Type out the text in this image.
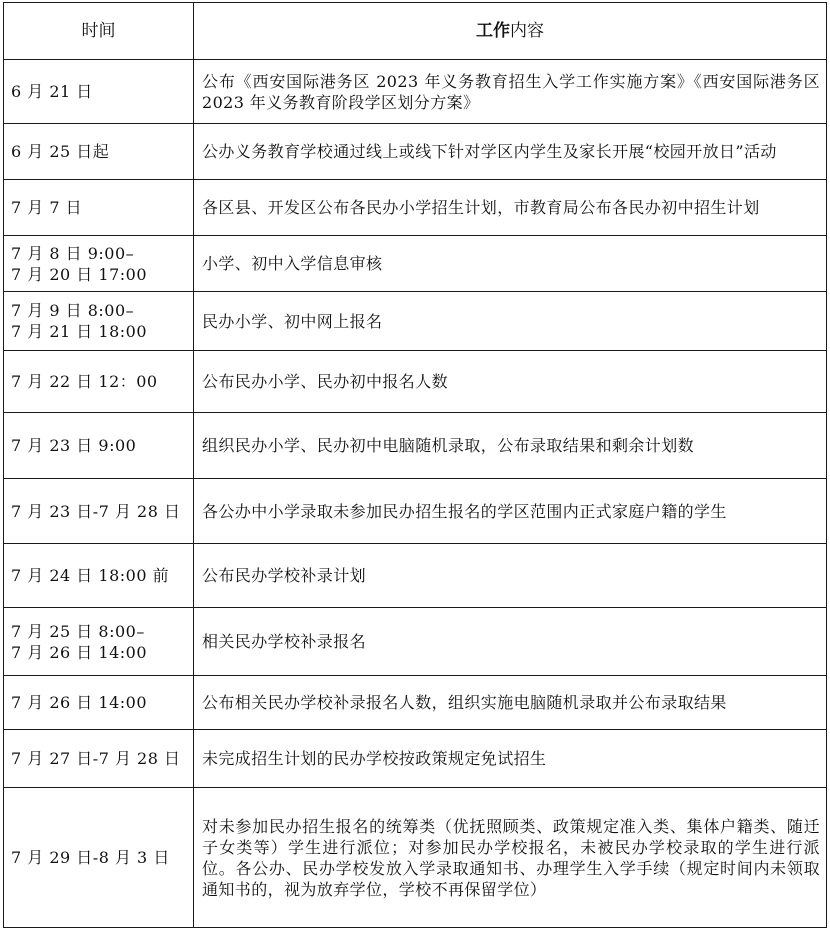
时间	工作内容
6 月 21 日	公布《西安国际港务区 2023 年义务教育招生入学工作实施方案》《西安国际港务区 2023 年义务教育阶段学区划分方案》
6 月 25 日起	公办义务教育学校通过线上或线下针对学区内学生及家长开展“校园开放日”活动
7 月 7 日	各区县、开发区公布各民办小学招生计划，市教育局公布各民办初中招生计划
7 月 8 日 9:00–
7 月 20 日 17:00	小学、初中入学信息审核
7 月 9 日 8:00–
7 月 21 日 18:00	民办小学、初中网上报名
7 月 22 日 12：00	公布民办小学、民办初中报名人数
7 月 23 日 9:00	组织民办小学、民办初中电脑随机录取，公布录取结果和剩余计划数
7 月 23 日-7 月 28 日	各公办中小学录取未参加民办招生报名的学区范围内正式家庭户籍的学生
7 月 24 日 18:00 前	公布民办学校补录计划
7 月 25 日 8:00–
7 月 26 日 14:00	相关民办学校补录报名
7 月 26 日 14:00	公布相关民办学校补录报名人数，组织实施电脑随机录取并公布录取结果
7 月 27 日-7 月 28 日	未完成招生计划的民办学校按政策规定免试招生
7 月 29 日-8 月 3 日	对未参加民办招生报名的统筹类（优抚照顾类、政策规定准入类、集体户籍类、随迁子女类等）学生进行派位；对参加民办学校报名，未被民办学校录取的学生进行派位。各公办、民办学校发放入学录取通知书、办理学生入学手续（规定时间内未领取通知书的，视为放弃学位，学校不再保留学位）
